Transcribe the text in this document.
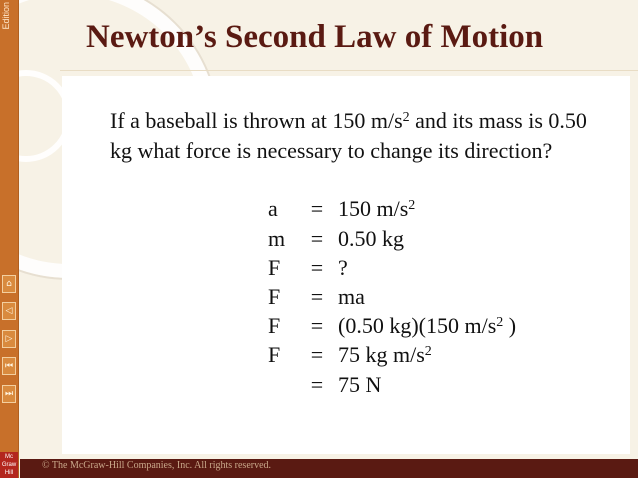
Newton’s Second Law of Motion
If a baseball is thrown at 150 $m/s^2$ and its mass is 0.50 kg what force is necessary to change its direction?
a = 150 $m/s^2$
m = 0.50 kg
F = ?
F = ma
F = (0.50 kg)(150 $m/s^2$ )
F = 75 kg $m/s^2$
= 75 N
© The McGraw-Hill Companies, Inc. All rights reserved.
Edition
⌂
◁
▷
⏮
⏭
Mc Graw Hill
